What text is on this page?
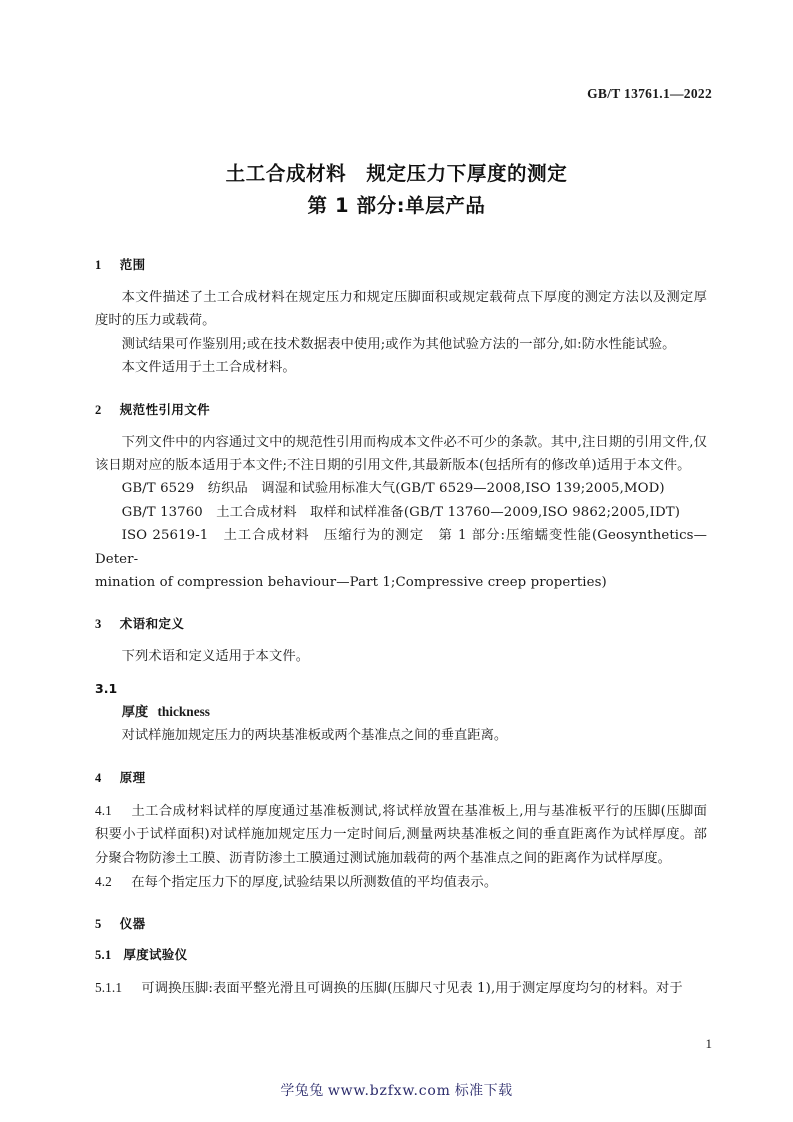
GB/T 13761.1—2022
土工合成材料　规定压力下厚度的测定
第 1 部分:单层产品
1 范围

本文件描述了土工合成材料在规定压力和规定压脚面积或规定载荷点下厚度的测定方法以及测定厚度时的压力或载荷。

测试结果可作鉴别用;或在技术数据表中使用;或作为其他试验方法的一部分,如:防水性能试验。

本文件适用于土工合成材料。

2 规范性引用文件

下列文件中的内容通过文中的规范性引用而构成本文件必不可少的条款。其中,注日期的引用文件,仅该日期对应的版本适用于本文件;不注日期的引用文件,其最新版本(包括所有的修改单)适用于本文件。

GB/T 6529　纺织品　调湿和试验用标准大气(GB/T 6529—2008,ISO 139;2005,MOD)

GB/T 13760　土工合成材料　取样和试样准备(GB/T 13760—2009,ISO 9862;2005,IDT)

ISO 25619-1　土工合成材料　压缩行为的测定　第 1 部分:压缩蠕变性能(Geosynthetics—Deter-

mination of compression behaviour—Part 1;Compressive creep properties)

3 术语和定义

下列术语和定义适用于本文件。

3.1

厚度 thickness

对试样施加规定压力的两块基准板或两个基准点之间的垂直距离。

4 原理

4.1 土工合成材料试样的厚度通过基准板测试,将试样放置在基准板上,用与基准板平行的压脚(压脚面积要小于试样面积)对试样施加规定压力一定时间后,测量两块基准板之间的垂直距离作为试样厚度。部分聚合物防渗土工膜、沥青防渗土工膜通过测试施加载荷的两个基准点之间的距离作为试样厚度。

4.2 在每个指定压力下的厚度,试验结果以所测数值的平均值表示。

5 仪器

5.1 厚度试验仪

5.1.1 可调换压脚:表面平整光滑且可调换的压脚(压脚尺寸见表 1),用于测定厚度均匀的材料。对于

1
学兔兔 www.bzfxw.com 标准下载
